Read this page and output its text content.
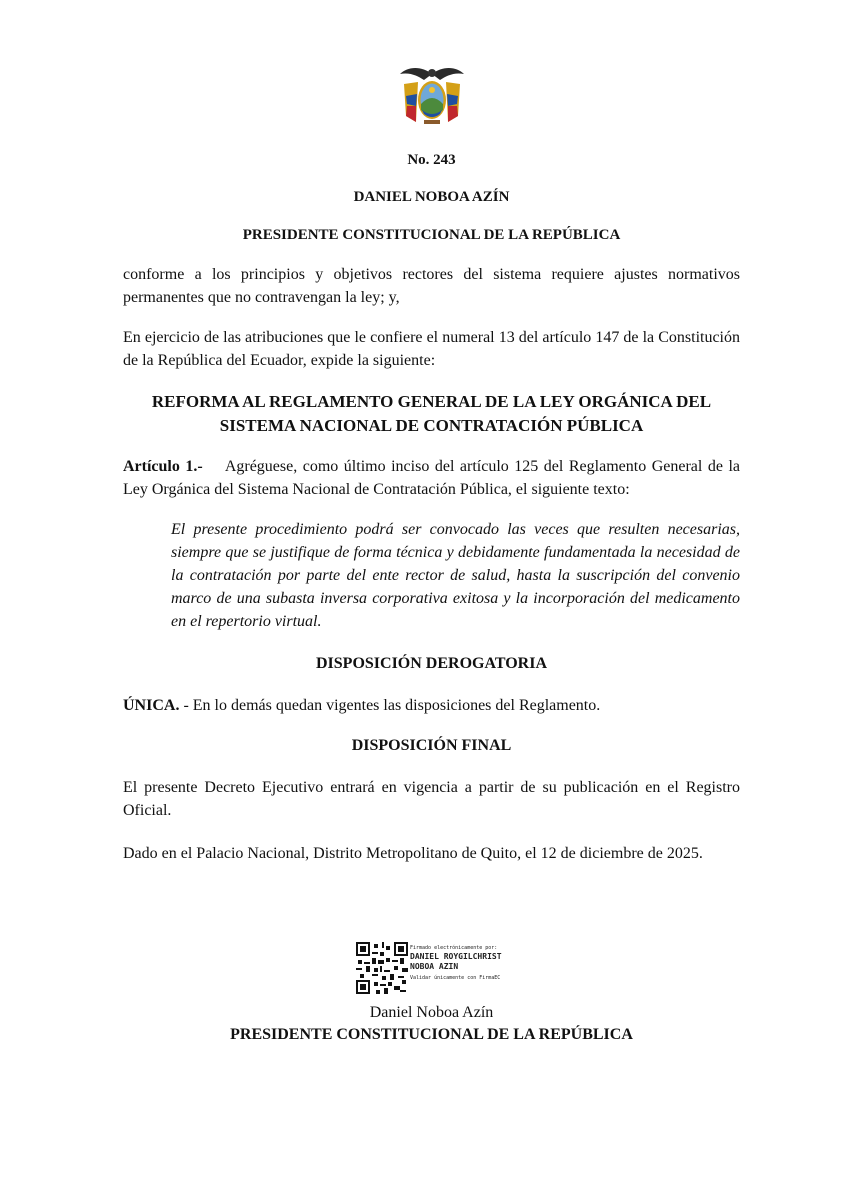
No. 243
DANIEL NOBOA AZÍN
PRESIDENTE CONSTITUCIONAL DE LA REPÚBLICA

conforme a los principios y objetivos rectores del sistema requiere ajustes normativos permanentes que no contravengan la ley; y,

En ejercicio de las atribuciones que le confiere el numeral 13 del artículo 147 de la Constitución de la República del Ecuador, expide la siguiente:

REFORMA AL REGLAMENTO GENERAL DE LA LEY ORGÁNICA DEL
SISTEMA NACIONAL DE CONTRATACIÓN PÚBLICA

Artículo 1.- Agréguese, como último inciso del artículo 125 del Reglamento General de la Ley Orgánica del Sistema Nacional de Contratación Pública, el siguiente texto:

El presente procedimiento podrá ser convocado las veces que resulten necesarias, siempre que se justifique de forma técnica y debidamente fundamentada la necesidad de la contratación por parte del ente rector de salud, hasta la suscripción del convenio marco de una subasta inversa corporativa exitosa y la incorporación del medicamento en el repertorio virtual.

DISPOSICIÓN DEROGATORIA

ÚNICA. - En lo demás quedan vigentes las disposiciones del Reglamento.

DISPOSICIÓN FINAL

El presente Decreto Ejecutivo entrará en vigencia a partir de su publicación en el Registro Oficial.

Dado en el Palacio Nacional, Distrito Metropolitano de Quito, el 12 de diciembre de 2025.

Firmado electrónicamente por:
DANIEL ROYGILCHRIST
NOBOA AZIN
Validar únicamente con FirmaEC
Daniel Noboa Azín
PRESIDENTE CONSTITUCIONAL DE LA REPÚBLICA
